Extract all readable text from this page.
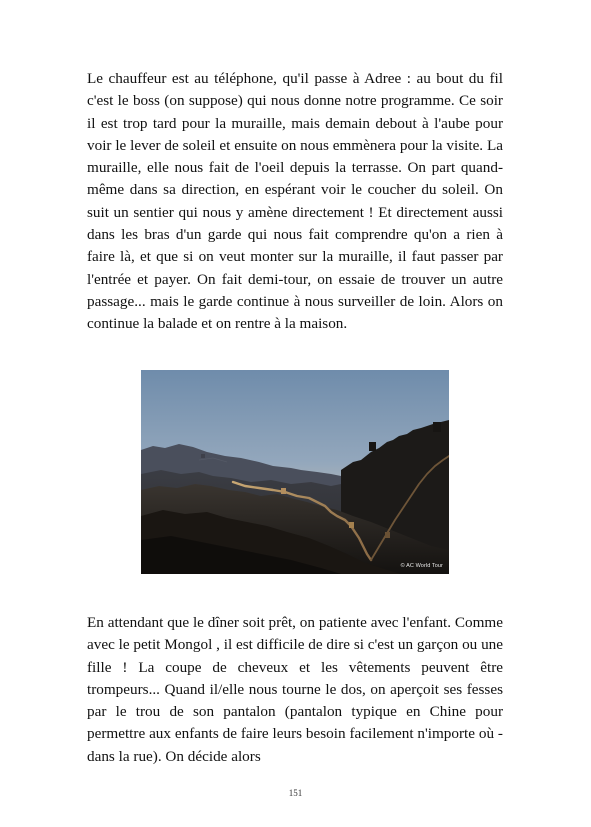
Le chauffeur est au téléphone, qu'il passe à Adree : au bout du fil c'est le boss (on suppose) qui nous donne notre programme. Ce soir il est trop tard pour la muraille, mais demain debout à l'aube pour voir le lever de soleil et ensuite on nous emmènera pour la visite. La muraille, elle nous fait de l'oeil depuis la terrasse. On part quand-même dans sa direction, en espérant voir le coucher du soleil. On suit un sentier qui nous y amène directement ! Et directement aussi dans les bras d'un garde qui nous fait comprendre qu'on a rien à faire là, et que si on veut monter sur la muraille, il faut passer par l'entrée et payer. On fait demi-tour, on essaie de trouver un autre passage... mais le garde continue à nous surveiller de loin. Alors on continue la balade et on rentre à la maison.

© AC World Tour

En attendant que le dîner soit prêt, on patiente avec l'enfant. Comme avec le petit Mongol , il est difficile de dire si c'est un garçon ou une fille ! La coupe de cheveux et les vêtements peuvent être trompeurs... Quand il/elle nous tourne le dos, on aperçoit ses fesses par le trou de son pantalon (pantalon typique en Chine pour permettre aux enfants de faire leurs besoin facilement n'importe où - dans la rue). On décide alors

151
